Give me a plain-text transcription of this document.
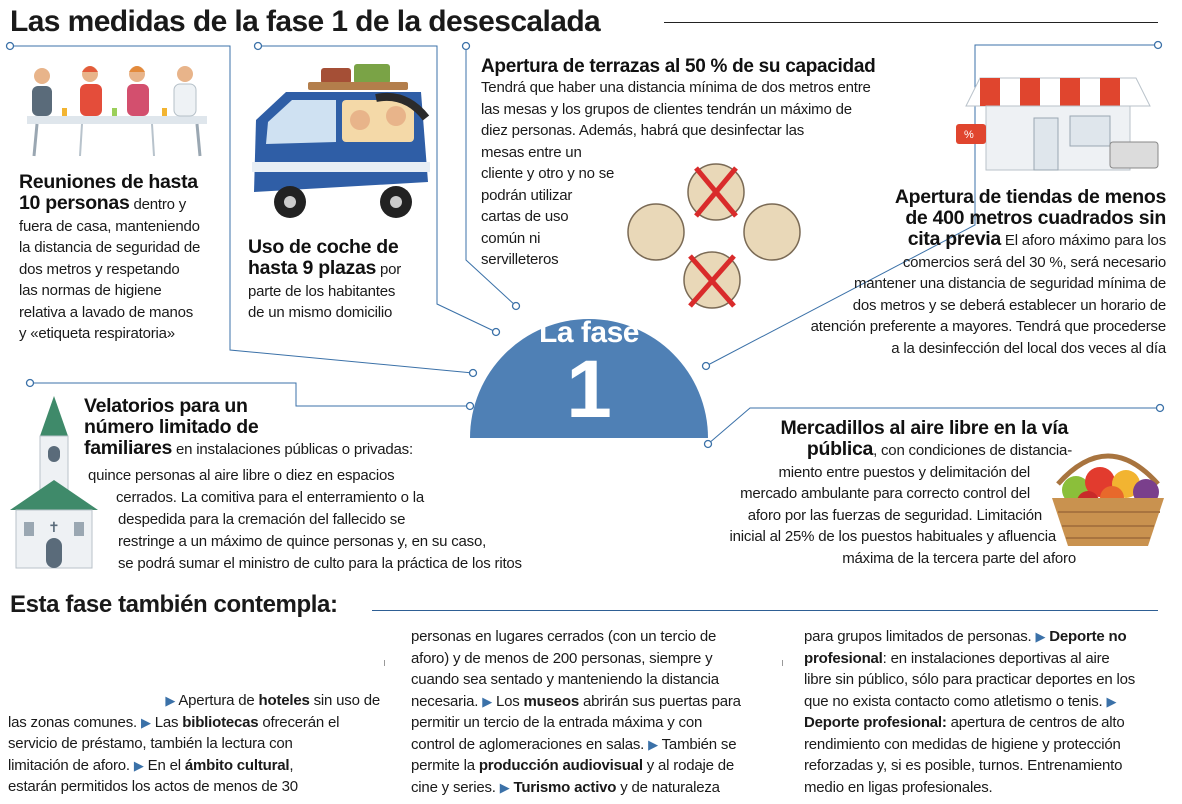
Las medidas de la fase 1 de la desescalada
La fase
1
Reuniones de hasta
10 personas dentro y
fuera de casa, manteniendo
la distancia de seguridad de
dos metros y respetando
las normas de higiene
relativa a lavado de manos
y «etiqueta respiratoria»
Uso de coche de
hasta 9 plazas por
parte de los habitantes
de un mismo domicilio
Apertura de terrazas al 50 % de su capacidad
Tendrá que haber una distancia mínima de dos metros entre
las mesas y los grupos de clientes tendrán un máximo de
diez personas. Además, habrá que desinfectar las
mesas entre un
cliente y otro y no se
podrán utilizar
cartas de uso
común ni
servilleteros
%
Apertura de tiendas de menos
de 400 metros cuadrados sin
cita previa El aforo máximo para los
comercios será del 30 %, será necesario
mantener una distancia de seguridad mínima de
dos metros y se deberá establecer un horario de
atención preferente a mayores. Tendrá que procederse
a la desinfección del local dos veces al día
✝
Velatorios para un
número limitado de
familiares en instalaciones públicas o privadas:
quince personas al aire libre o diez en espacios
cerrados. La comitiva para el enterramiento o la
despedida para la cremación del fallecido se
restringe a un máximo de quince personas y, en su caso,
se podrá sumar el ministro de culto para la práctica de los ritos
Mercadillos al aire libre en la vía
pública, con condiciones de distancia-
miento entre puestos y delimitación del
mercado ambulante para correcto control del
aforo por las fuerzas de seguridad. Limitación
inicial al 25% de los puestos habituales y afluencia
máxima de la tercera parte del aforo
Esta fase también contempla:
▶ Apertura de hoteles sin uso de
las zonas comunes. ▶ Las bibliotecas ofrecerán el
servicio de préstamo, también la lectura con
limitación de aforo. ▶ En el ámbito cultural,
estarán permitidos los actos de menos de 30
personas en lugares cerrados (con un tercio de
aforo) y de menos de 200 personas, siempre y
cuando sea sentado y manteniendo la distancia
necesaria. ▶ Los museos abrirán sus puertas para
permitir un tercio de la entrada máxima y con
control de aglomeraciones en salas. ▶ También se
permite la producción audiovisual y al rodaje de
cine y series. ▶ Turismo activo y de naturaleza
para grupos limitados de personas. ▶ Deporte no
profesional: en instalaciones deportivas al aire
libre sin público, sólo para practicar deportes en los
que no exista contacto como atletismo o tenis. ▶
Deporte profesional: apertura de centros de alto
rendimiento con medidas de higiene y protección
reforzadas y, si es posible, turnos. Entrenamiento
medio en ligas profesionales.
